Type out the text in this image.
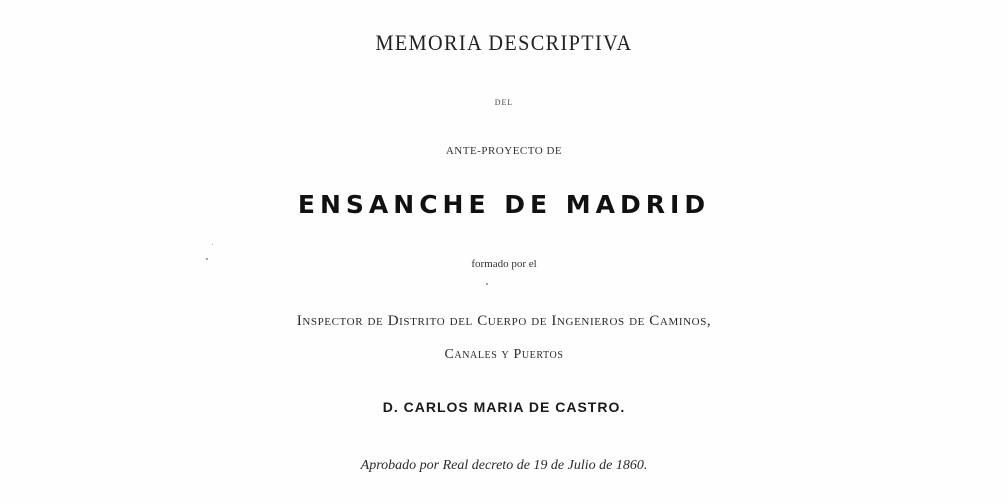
MEMORIA DESCRIPTIVA
DEL
ANTE-PROYECTO DE
ENSANCHE DE MADRID
formado por el
Inspector de Distrito del Cuerpo de Ingenieros de Caminos,
Canales y Puertos
D. CARLOS MARIA DE CASTRO.
Aprobado por Real decreto de 19 de Julio de 1860.
